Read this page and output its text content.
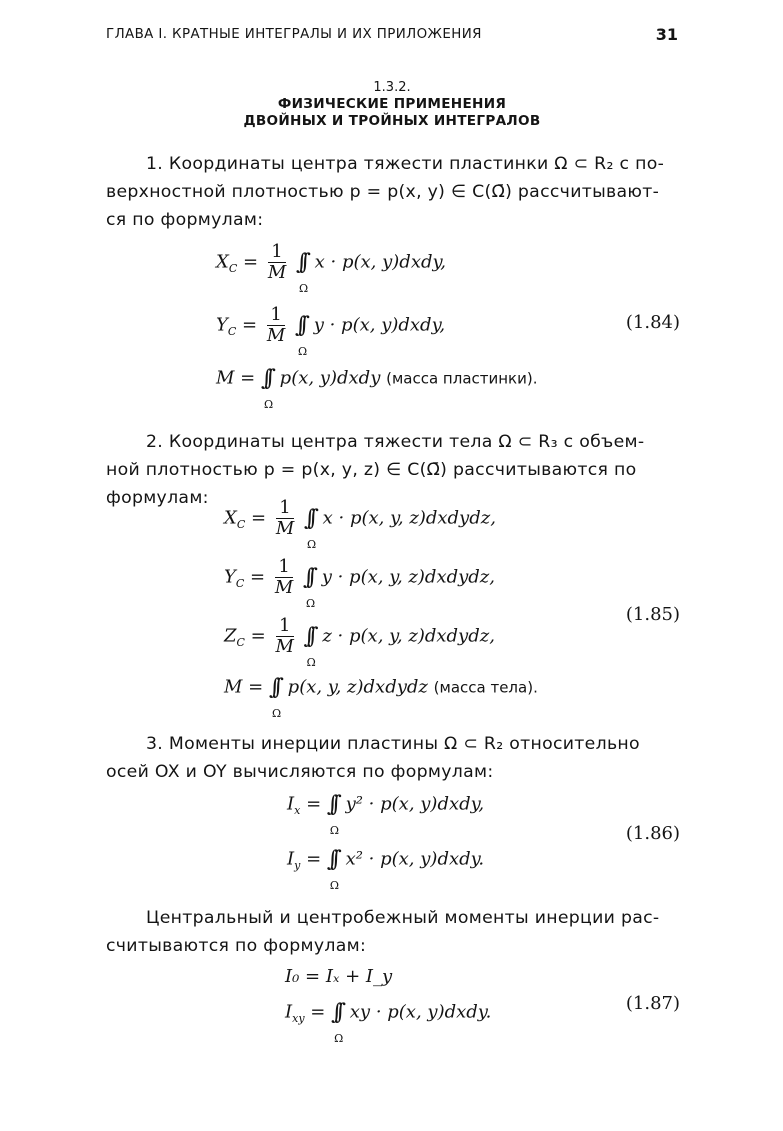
ГЛАВА I. КРАТНЫЕ ИНТЕГРАЛЫ И ИХ ПРИЛОЖЕНИЯ	31
1.3.2.
ФИЗИЧЕСКИЕ ПРИМЕНЕНИЯ
ДВОЙНЫХ И ТРОЙНЫХ ИНТЕГРАЛОВ
1. Координаты центра тяжести пластинки Ω ⊂ R₂ с по-
верхностной плотностью p = p(x, y) ∈ C(Ω̄) рассчитывают-
ся по формулам:
$X_C = \frac{1}{M}$ ∫∫
Ω
x · p(x, y)dxdy,
$Y_C = \frac{1}{M}$ ∫∫
Ω
y · p(x, y)dxdy,	(1.84)
M = ∫∫
Ω
p(x, y)dxdy (масса пластинки).
2. Координаты центра тяжести тела Ω ⊂ R₃ с объем-
ной плотностью p = p(x, y, z) ∈ C(Ω̄) рассчитываются по
формулам:
$X_C = \frac{1}{M}$ ∫∫
Ω
x · p(x, y, z)dxdydz,
$Y_C = \frac{1}{M}$ ∫∫
Ω
y · p(x, y, z)dxdydz,
(1.85)
$Z_C = \frac{1}{M}$ ∫∫
Ω
z · p(x, y, z)dxdydz,
M = ∫∫
Ω
p(x, y, z)dxdydz (масса тела).
3. Моменты инерции пластины Ω ⊂ R₂ относительно
осей OX и OY вычисляются по формулам:
$I_x$ = ∫∫
Ω
y² · p(x, y)dxdy,
(1.86)
$I_y$ = ∫∫
Ω
x² · p(x, y)dxdy.
Центральный и центробежный моменты инерции рас-
считываются по формулам:
I₀ = Iₓ + I_y
(1.87)
$I_{xy}$ = ∫∫
Ω
xy · p(x, y)dxdy.
